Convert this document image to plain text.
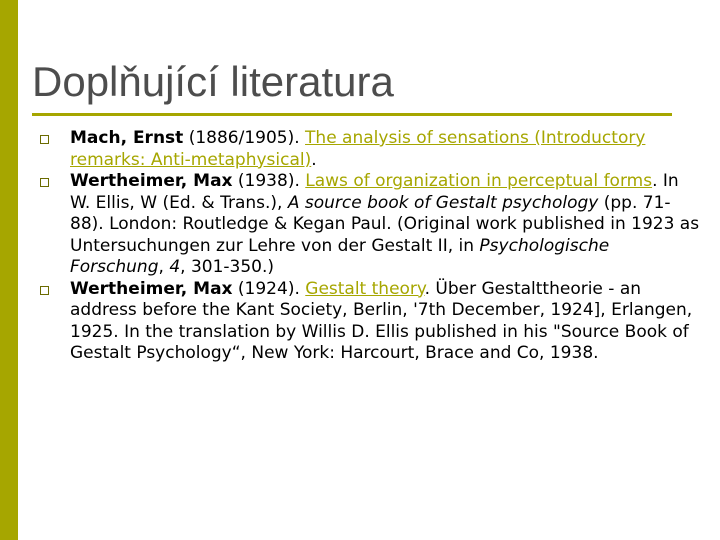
Doplňující literatura
Mach, Ernst (1886/1905). The analysis of sensations (Introductory remarks: Anti-metaphysical).
Wertheimer, Max (1938). Laws of organization in perceptual forms. In W. Ellis, W (Ed. & Trans.), A source book of Gestalt psychology (pp. 71-88). London: Routledge & Kegan Paul. (Original work published in 1923 as Untersuchungen zur Lehre von der Gestalt II, in Psychologische Forschung, 4, 301-350.)
Wertheimer, Max (1924). Gestalt theory. Über Gestalttheorie - an address before the Kant Society, Berlin, '7th December, 1924], Erlangen, 1925. In the translation by Willis D. Ellis published in his "Source Book of Gestalt Psychology“, New York: Harcourt, Brace and Co, 1938.
